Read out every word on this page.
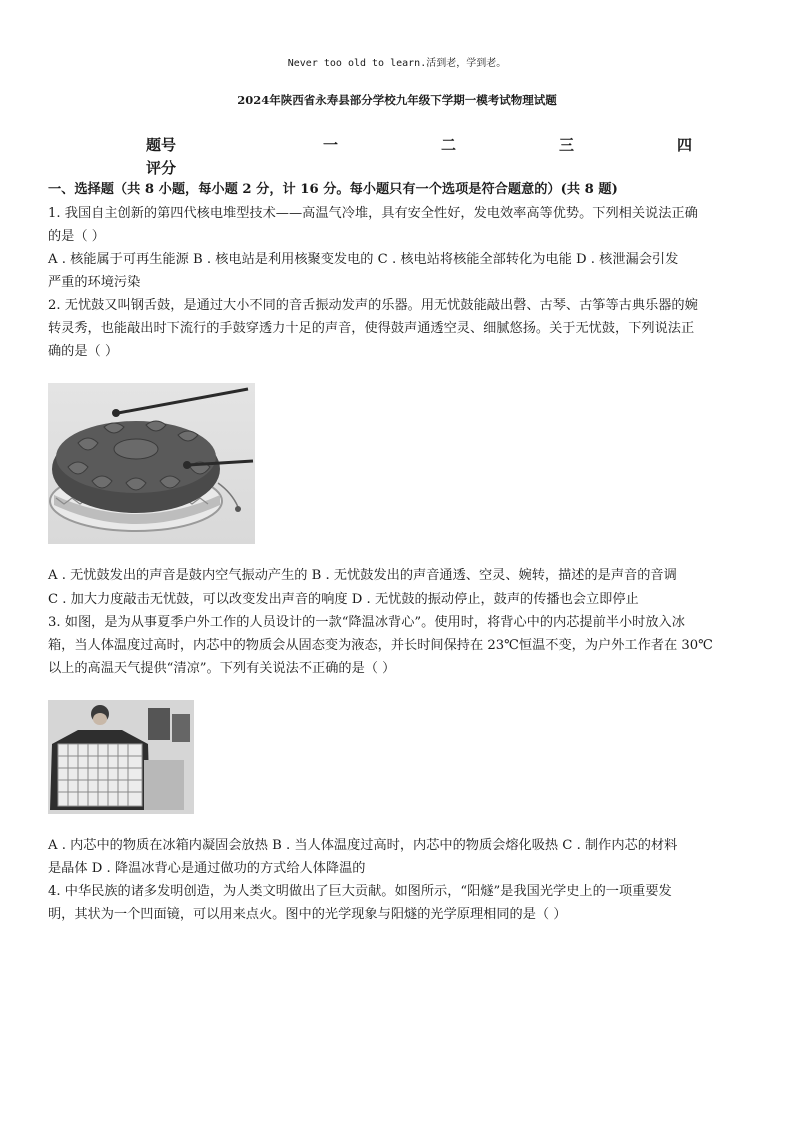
Never too old to learn.活到老，学到老。
2024年陕西省永寿县部分学校九年级下学期一模考试物理试题
题号	一	二	三	四
评分
一、选择题（共 8 小题，每小题 2 分，计 16 分。每小题只有一个选项是符合题意的）(共 8 题)
1. 我国自主创新的第四代核电堆型技术——高温气冷堆，具有安全性好，发电效率高等优势。下列相关说法正确
的是（ ）
A . 核能属于可再生能源 B . 核电站是利用核聚变发电的 C . 核电站将核能全部转化为电能 D . 核泄漏会引发
严重的环境污染
2. 无忧鼓又叫钢舌鼓，是通过大小不同的音舌振动发声的乐器。用无忧鼓能敲出磬、古琴、古筝等古典乐器的婉
转灵秀，也能敲出时下流行的手鼓穿透力十足的声音，使得鼓声通透空灵、细腻悠扬。关于无忧鼓，下列说法正
确的是（ ）
A . 无忧鼓发出的声音是鼓内空气振动产生的 B . 无忧鼓发出的声音通透、空灵、婉转，描述的是声音的音调
C . 加大力度敲击无忧鼓，可以改变发出声音的响度 D . 无忧鼓的振动停止，鼓声的传播也会立即停止
3. 如图，是为从事夏季户外工作的人员设计的一款“降温冰背心”。使用时，将背心中的内芯提前半小时放入冰
箱，当人体温度过高时，内芯中的物质会从固态变为液态，并长时间保持在 23℃恒温不变，为户外工作者在 30℃
以上的高温天气提供“清凉”。下列有关说法不正确的是（ ）
A . 内芯中的物质在冰箱内凝固会放热 B . 当人体温度过高时，内芯中的物质会熔化吸热 C . 制作内芯的材料
是晶体 D . 降温冰背心是通过做功的方式给人体降温的
4. 中华民族的诸多发明创造，为人类文明做出了巨大贡献。如图所示，“阳燧”是我国光学史上的一项重要发
明，其状为一个凹面镜，可以用来点火。图中的光学现象与阳燧的光学原理相同的是（ ）
